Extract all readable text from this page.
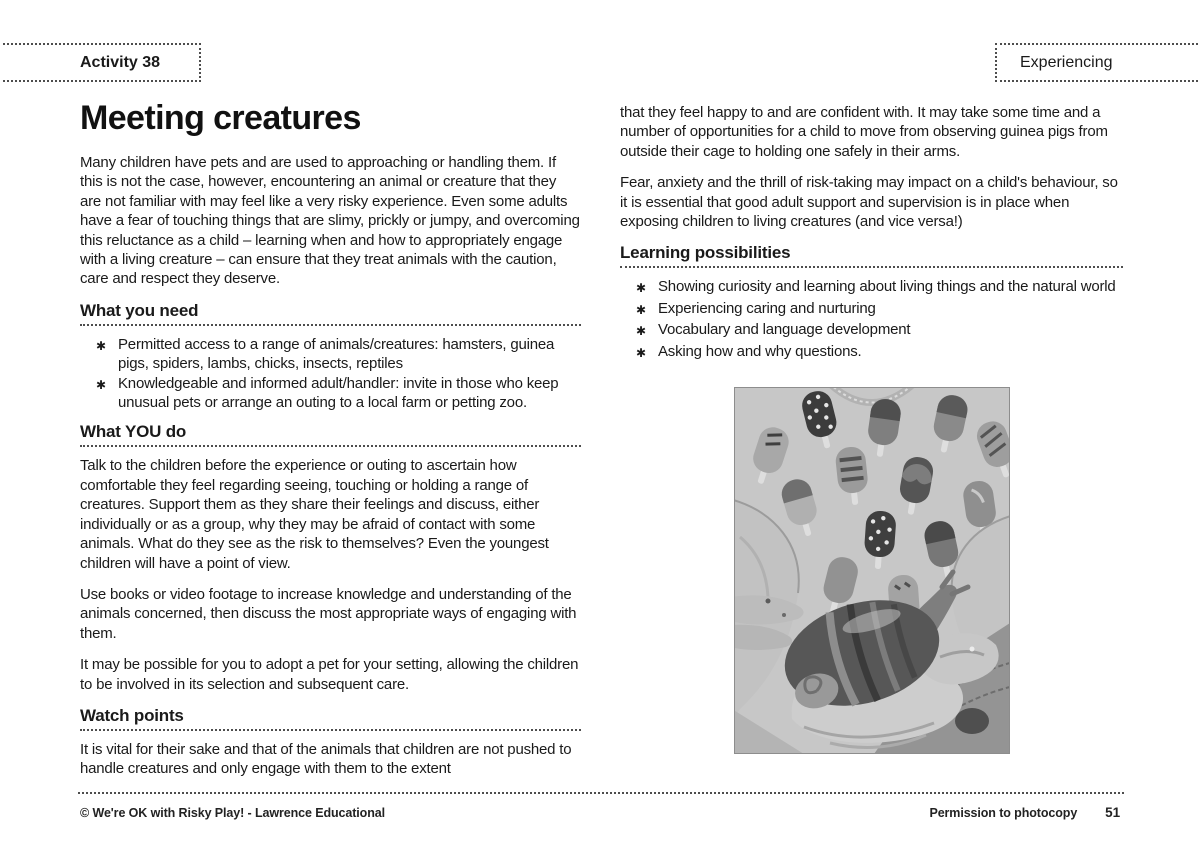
Activity 38	Experiencing
Meeting creatures

Many children have pets and are used to approaching or handling them. If this is not the case, however, encountering an animal or creature that they are not familiar with may feel like a very risky experience. Even some adults have a fear of touching things that are slimy, prickly or jumpy, and overcoming this reluctance as a child – learning when and how to appropriately engage with a living creature – can ensure that they treat animals with the caution, care and respect they deserve.

What you need
✱ Permitted access to a range of animals/creatures: hamsters, guinea pigs, spiders, lambs, chicks, insects, reptiles
✱ Knowledgeable and informed adult/handler: invite in those who keep unusual pets or arrange an outing to a local farm or petting zoo.
What YOU do

Talk to the children before the experience or outing to ascertain how comfortable they feel regarding seeing, touching or holding a range of creatures. Support them as they share their feelings and discuss, either individually or as a group, why they may be afraid of contact with some animals. What do they see as the risk to themselves? Even the youngest children will have a point of view.

Use books or video footage to increase knowledge and understanding of the animals concerned, then discuss the most appropriate ways of engaging with them.

It may be possible for you to adopt a pet for your setting, allowing the children to be involved in its selection and subsequent care.

Watch points

It is vital for their sake and that of the animals that children are not pushed to handle creatures and only engage with them to the extent

that they feel happy to and are confident with. It may take some time and a number of opportunities for a child to move from observing guinea pigs from outside their cage to holding one safely in their arms.

Fear, anxiety and the thrill of risk-taking may impact on a child's behaviour, so it is essential that good adult support and supervision is in place when exposing children to living creatures (and vice versa!)

Learning possibilities
✱ Showing curiosity and learning about living things and the natural world
✱ Experiencing caring and nurturing
✱ Vocabulary and language development
✱ Asking how and why questions.
© We're OK with Risky Play! - Lawrence Educational	Permission to photocopy 51
